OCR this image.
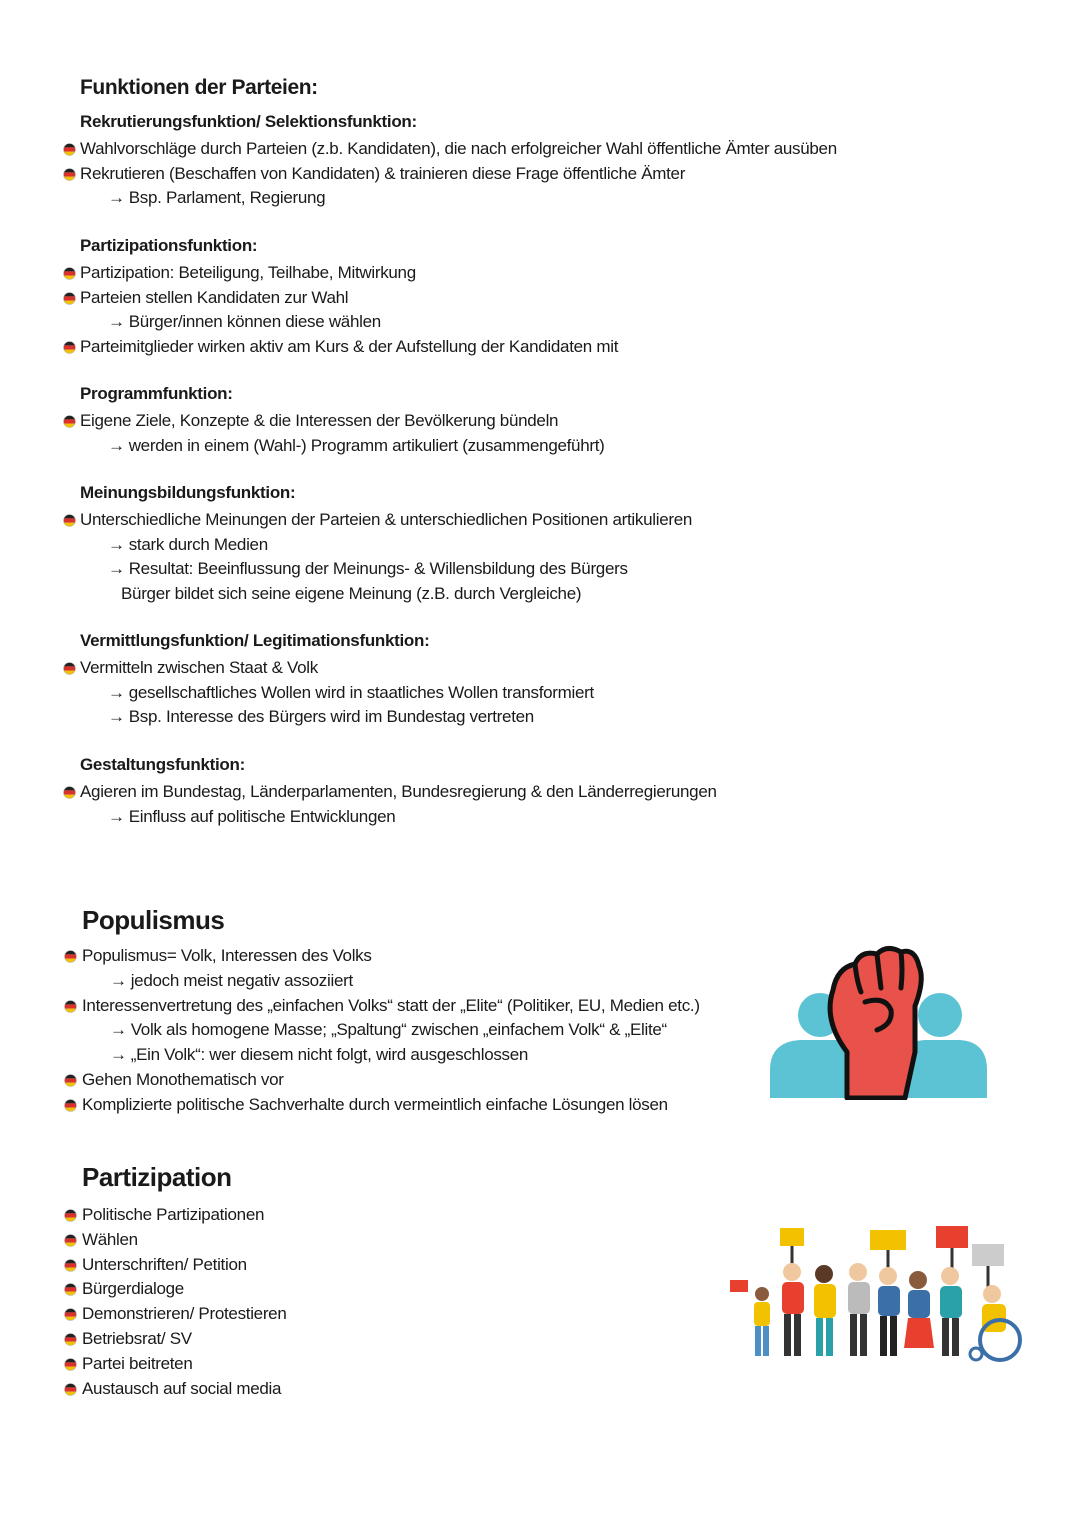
Funktionen der Parteien:
Rekrutierungsfunktion/ Selektionsfunktion:
Wahlvorschläge durch Parteien (z.b. Kandidaten), die nach erfolgreicher Wahl öffentliche Ämter ausüben
Rekrutieren (Beschaffen von Kandidaten) & trainieren diese Frage öffentliche Ämter
→ Bsp. Parlament, Regierung
Partizipationsfunktion:
Partizipation: Beteiligung, Teilhabe, Mitwirkung
Parteien stellen Kandidaten zur Wahl
→ Bürger/innen können diese wählen
Parteimitglieder wirken aktiv am Kurs & der Aufstellung der Kandidaten mit
Programmfunktion:
Eigene Ziele, Konzepte & die Interessen der Bevölkerung bündeln
→ werden in einem (Wahl-) Programm artikuliert (zusammengeführt)
Meinungsbildungsfunktion:
Unterschiedliche Meinungen der Parteien & unterschiedlichen Positionen artikulieren
→ stark durch Medien
→ Resultat: Beeinflussung der Meinungs- & Willensbildung des Bürgers
Bürger bildet sich seine eigene Meinung (z.B. durch Vergleiche)
Vermittlungsfunktion/ Legitimationsfunktion:
Vermitteln zwischen Staat & Volk
→ gesellschaftliches Wollen wird in staatliches Wollen transformiert
→ Bsp. Interesse des Bürgers wird im Bundestag vertreten
Gestaltungsfunktion:
Agieren im Bundestag, Länderparlamenten, Bundesregierung & den Länderregierungen
→ Einfluss auf politische Entwicklungen
Populismus
Populismus= Volk, Interessen des Volks
→ jedoch meist negativ assoziiert
Interessenvertretung des „einfachen Volks“ statt der „Elite“ (Politiker, EU, Medien etc.)
→ Volk als homogene Masse; „Spaltung“ zwischen „einfachem Volk“ & „Elite“
→ „Ein Volk“: wer diesem nicht folgt, wird ausgeschlossen
Gehen Monothematisch vor
Komplizierte politische Sachverhalte durch vermeintlich einfache Lösungen lösen
Partizipation
Politische Partizipationen
Wählen
Unterschriften/ Petition
Bürgerdialoge
Demonstrieren/ Protestieren
Betriebsrat/ SV
Partei beitreten
Austausch auf social media
